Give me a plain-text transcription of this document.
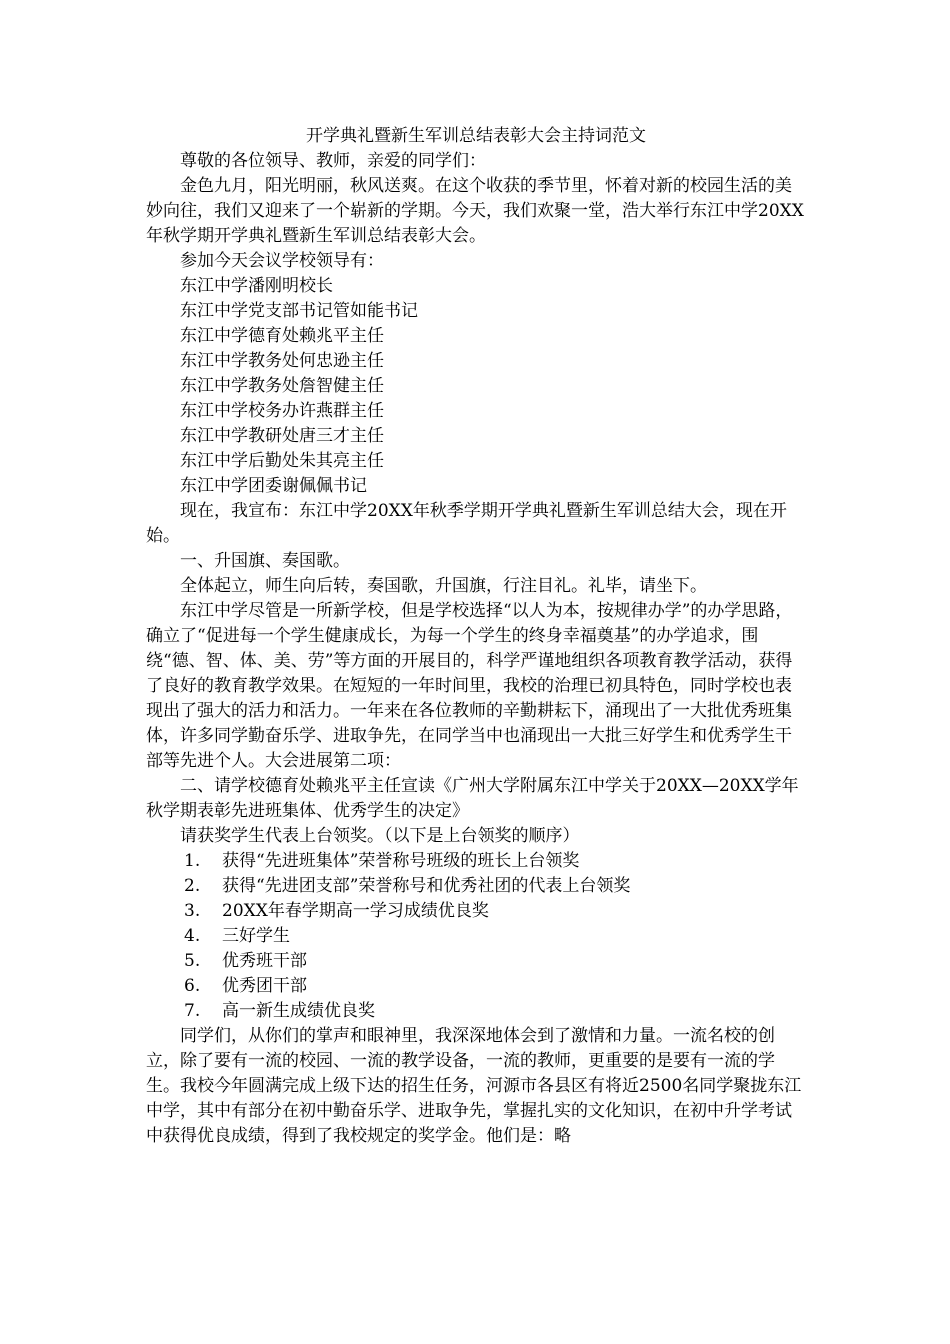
开学典礼暨新生军训总结表彰大会主持词范文

尊敬的各位领导、教师，亲爱的同学们：

金色九月，阳光明丽，秋风送爽。在这个收获的季节里，怀着对新的校园生活的美妙向往，我们又迎来了一个崭新的学期。今天，我们欢聚一堂，浩大举行东江中学20XX年秋学期开学典礼暨新生军训总结表彰大会。

参加今天会议学校领导有：

东江中学潘刚明校长

东江中学党支部书记管如能书记

东江中学德育处赖兆平主任

东江中学教务处何忠逊主任

东江中学教务处詹智健主任

东江中学校务办许燕群主任

东江中学教研处唐三才主任

东江中学后勤处朱其亮主任

东江中学团委谢佩佩书记

现在，我宣布：东江中学20XX年秋季学期开学典礼暨新生军训总结大会，现在开始。

一、升国旗、奏国歌。

全体起立，师生向后转，奏国歌，升国旗，行注目礼。礼毕，请坐下。

东江中学尽管是一所新学校，但是学校选择“以人为本，按规律办学”的办学思路，确立了“促进每一个学生健康成长，为每一个学生的终身幸福奠基”的办学追求，围绕“德、智、体、美、劳”等方面的开展目的，科学严谨地组织各项教育教学活动，获得了良好的教育教学效果。在短短的一年时间里，我校的治理已初具特色，同时学校也表现出了强大的活力和活力。一年来在各位教师的辛勤耕耘下，涌现出了一大批优秀班集体，许多同学勤奋乐学、进取争先，在同学当中也涌现出一大批三好学生和优秀学生干部等先进个人。大会进展第二项：

二、请学校德育处赖兆平主任宣读《广州大学附属东江中学关于20XX—20XX学年秋学期表彰先进班集体、优秀学生的决定》

请获奖学生代表上台领奖。（以下是上台领奖的顺序）

1. 获得“先进班集体”荣誉称号班级的班长上台领奖

2. 获得“先进团支部”荣誉称号和优秀社团的代表上台领奖

3. 20XX年春学期高一学习成绩优良奖

4. 三好学生

5. 优秀班干部

6. 优秀团干部

7. 高一新生成绩优良奖

同学们，从你们的掌声和眼神里，我深深地体会到了激情和力量。一流名校的创立，除了要有一流的校园、一流的教学设备，一流的教师，更重要的是要有一流的学生。我校今年圆满完成上级下达的招生任务，河源市各县区有将近2500名同学聚拢东江中学，其中有部分在初中勤奋乐学、进取争先，掌握扎实的文化知识，在初中升学考试中获得优良成绩，得到了我校规定的奖学金。他们是：略
